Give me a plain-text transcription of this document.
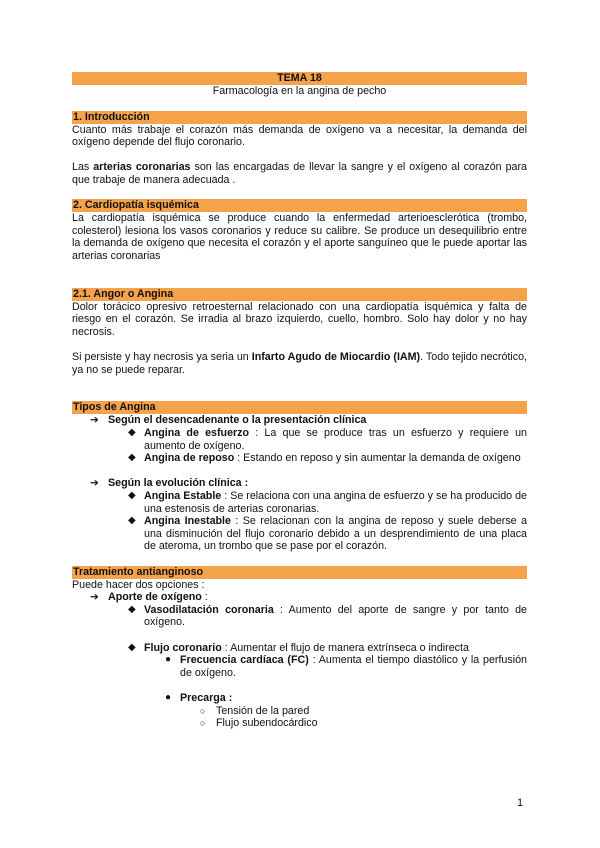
TEMA 18
Farmacología en la angina de pecho
1. Introducción

Cuanto más trabaje el corazón más demanda de oxígeno va a necesitar, la demanda del oxígeno depende del flujo coronario.

Las arterias coronarias son las encargadas de llevar la sangre y el oxígeno al corazón para que trabaje de manera adecuada .

2. Cardiopatía isquémica

La cardiopatía isquémica se produce cuando la enfermedad arterioesclerótica (trombo, colesterol) lesiona los vasos coronarios y reduce su calibre. Se produce un desequilibrio entre la demanda de oxígeno que necesita el corazón y el aporte sanguíneo que le puede aportar las arterias coronarias

2.1. Angor o Angina

Dolor torácico opresivo retroesternal relacionado con una cardiopatía isquémica y falta de riesgo en el corazón. Se irradia al brazo izquierdo, cuello, hombro. Solo hay dolor y no hay necrosis.

Si persiste y hay necrosis ya seria un Infarto Agudo de Miocardio (IAM). Todo tejido necrótico, ya no se puede reparar.

Tipos de Angina
➔ Según el desencadenante o la presentación clínica
◆ Angina de esfuerzo : La que se produce tras un esfuerzo y requiere un aumento de oxígeno.
◆ Angina de reposo : Estando en reposo y sin aumentar la demanda de oxígeno
➔ Según la evolución clínica :
◆ Angina Estable : Se relaciona con una angina de esfuerzo y se ha producido de una estenosis de arterias coronarias.
◆ Angina Inestable : Se relacionan con la angina de reposo y suele deberse a una disminución del flujo coronario debido a un desprendimiento de una placa de ateroma, un trombo que se pase por el corazón.
Tratamiento antianginoso

Puede hacer dos opciones :

➔ Aporte de oxígeno :
◆ Vasodilatación coronaria : Aumento del aporte de sangre y por tanto de oxígeno.
◆ Flujo coronario : Aumentar el flujo de manera extrínseca o indirecta
● Frecuencia cardíaca (FC) : Aumenta el tiempo diastólico y la perfusión de oxígeno.
● Precarga :
○ Tensión de la pared
○ Flujo subendocárdico
1
